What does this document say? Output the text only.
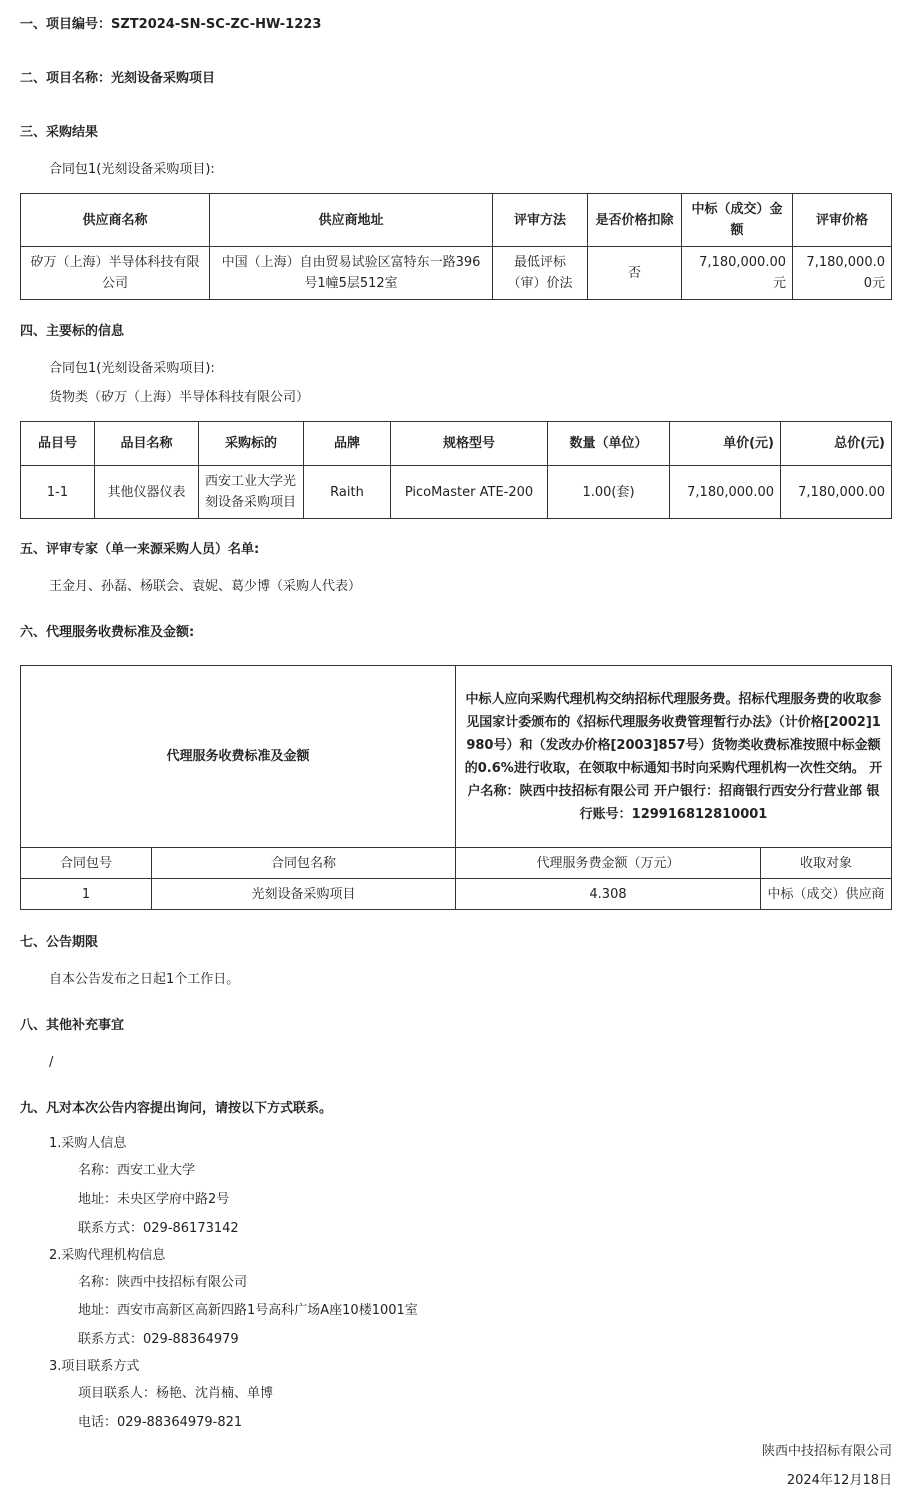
一、项目编号：SZT2024-SN-SC-ZC-HW-1223
二、项目名称：光刻设备采购项目
三、采购结果
合同包1(光刻设备采购项目):
供应商名称	供应商地址	评审方法	是否价格扣除	中标（成交）金额	评审价格
矽万（上海）半导体科技有限公司	中国（上海）自由贸易试验区富特东一路396号1幢5层512室	最低评标（审）价法	否	7,180,000.00元	7,180,000.00元
四、主要标的信息
合同包1(光刻设备采购项目):
货物类（矽万（上海）半导体科技有限公司）
品目号	品目名称	采购标的	品牌	规格型号	数量（单位）	单价(元)	总价(元)
1-1	其他仪器仪表	西安工业大学光刻设备采购项目	Raith	PicoMaster ATE-200	1.00(套)	7,180,000.00	7,180,000.00
五、评审专家（单一来源采购人员）名单:
王金月、孙磊、杨联会、袁妮、葛少博（采购人代表）
六、代理服务收费标准及金额:
代理服务收费标准及金额		中标人应向采购代理机构交纳招标代理服务费。招标代理服务费的收取参见国家计委颁布的《招标代理服务收费管理暂行办法》（计价格[2002]1980号）和（发改办价格[2003]857号）货物类收费标准按照中标金额的0.6%进行收取，在领取中标通知书时向采购代理机构一次性交纳。 开户名称：陕西中技招标有限公司 开户银行：招商银行西安分行营业部 银行账号：129916812810001	
合同包号	合同包名称	代理服务费金额（万元）	收取对象
1	光刻设备采购项目	4.308	中标（成交）供应商
七、公告期限
自本公告发布之日起1个工作日。
八、其他补充事宜
/
九、凡对本次公告内容提出询问，请按以下方式联系。
1.采购人信息
名称：西安工业大学
地址：未央区学府中路2号
联系方式：029-86173142
2.采购代理机构信息
名称：陕西中技招标有限公司
地址：西安市高新区高新四路1号高科广场A座10楼1001室
联系方式：029-88364979
3.项目联系方式
项目联系人：杨艳、沈肖楠、单博
电话：029-88364979-821
陕西中技招标有限公司
2024年12月18日
